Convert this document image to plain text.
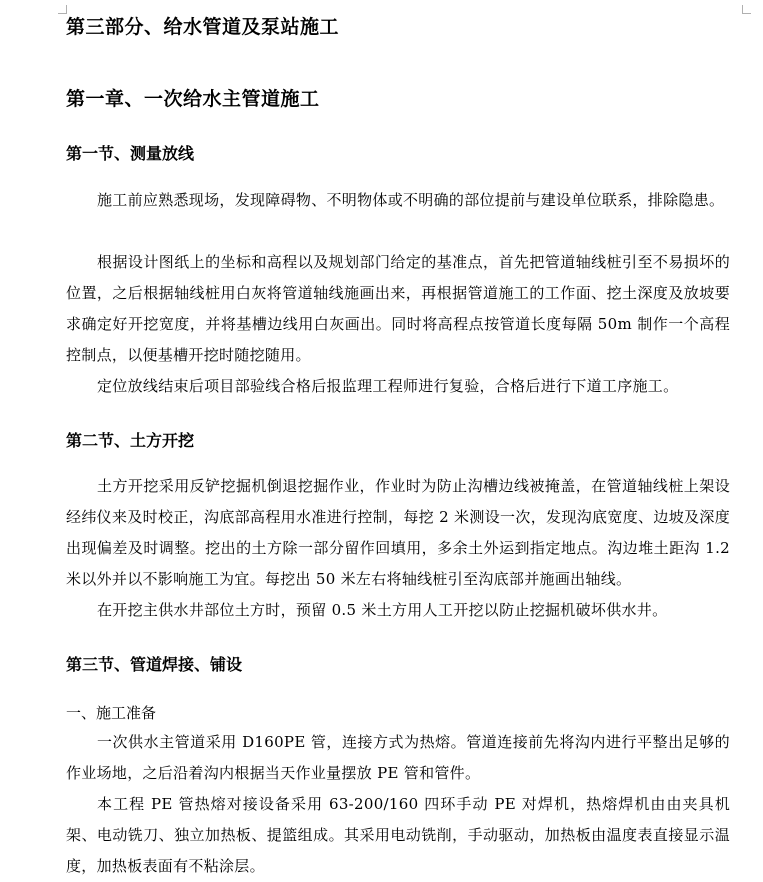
第三部分、给水管道及泵站施工
第一章、一次给水主管道施工
第一节、测量放线
施工前应熟悉现场，发现障碍物、不明物体或不明确的部位提前与建设单位联系，排除隐患。
根据设计图纸上的坐标和高程以及规划部门给定的基准点，首先把管道轴线桩引至不易损坏的位置，之后根据轴线桩用白灰将管道轴线施画出来，再根据管道施工的工作面、挖土深度及放坡要求确定好开挖宽度，并将基槽边线用白灰画出。同时将高程点按管道长度每隔 50m 制作一个高程控制点，以便基槽开挖时随挖随用。
定位放线结束后项目部验线合格后报监理工程师进行复验，合格后进行下道工序施工。
第二节、土方开挖
土方开挖采用反铲挖掘机倒退挖掘作业，作业时为防止沟槽边线被掩盖，在管道轴线桩上架设经纬仪来及时校正，沟底部高程用水准进行控制，每挖 2 米测设一次，发现沟底宽度、边坡及深度出现偏差及时调整。挖出的土方除一部分留作回填用，多余土外运到指定地点。沟边堆土距沟 1.2 米以外并以不影响施工为宜。每挖出 50 米左右将轴线桩引至沟底部并施画出轴线。
在开挖主供水井部位土方时，预留 0.5 米土方用人工开挖以防止挖掘机破坏供水井。
第三节、管道焊接、铺设
一、施工准备
一次供水主管道采用 D160PE 管，连接方式为热熔。管道连接前先将沟内进行平整出足够的作业场地，之后沿着沟内根据当天作业量摆放 PE 管和管件。
本工程 PE 管热熔对接设备采用 63-200/160 四环手动 PE 对焊机，热熔焊机由由夹具机架、电动铣刀、独立加热板、提篮组成。其采用电动铣削，手动驱动，加热板由温度表直接显示温度，加热板表面有不粘涂层。
